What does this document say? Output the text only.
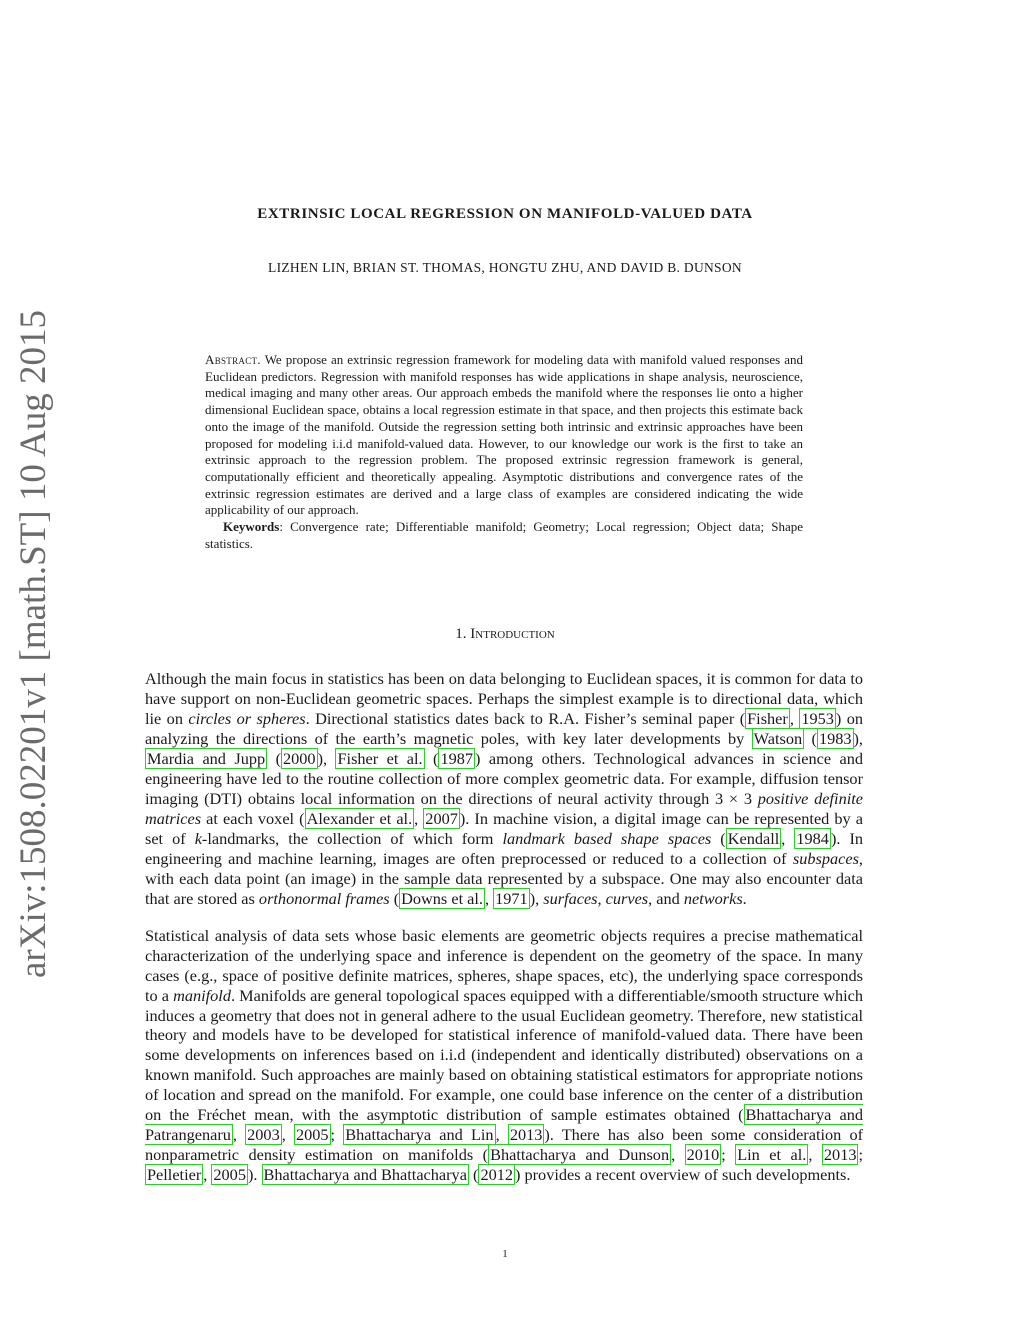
arXiv:1508.02201v1 [math.ST] 10 Aug 2015
EXTRINSIC LOCAL REGRESSION ON MANIFOLD-VALUED DATA
LIZHEN LIN, BRIAN ST. THOMAS, HONGTU ZHU, AND DAVID B. DUNSON
Abstract. We propose an extrinsic regression framework for modeling data with manifold valued responses and Euclidean predictors. Regression with manifold responses has wide applications in shape analysis, neuroscience, medical imaging and many other areas. Our approach embeds the manifold where the responses lie onto a higher dimensional Euclidean space, obtains a local regression estimate in that space, and then projects this estimate back onto the image of the manifold. Outside the regression setting both intrinsic and extrinsic approaches have been proposed for modeling i.i.d manifold-valued data. However, to our knowledge our work is the first to take an extrinsic approach to the regression problem. The proposed extrinsic regression framework is general, computationally efficient and theoretically appealing. Asymptotic distributions and convergence rates of the extrinsic regression estimates are derived and a large class of examples are considered indicating the wide applicability of our approach.
Keywords: Convergence rate; Differentiable manifold; Geometry; Local regression; Object data; Shape statistics.
1. Introduction

Although the main focus in statistics has been on data belonging to Euclidean spaces, it is common for data to have support on non-Euclidean geometric spaces. Perhaps the simplest example is to directional data, which lie on circles or spheres. Directional statistics dates back to R.A. Fisher’s seminal paper ( Fisher , 1953 ) on analyzing the directions of the earth’s magnetic poles, with key later developments by Watson ( 1983 ), Mardia and Jupp ( 2000 ), Fisher et al. ( 1987 ) among others. Technological advances in science and engineering have led to the routine collection of more complex geometric data. For example, diffusion tensor imaging (DTI) obtains local information on the directions of neural activity through 3 × 3 positive definite matrices at each voxel ( Alexander et al. , 2007 ). In machine vision, a digital image can be represented by a set of k-landmarks, the collection of which form landmark based shape spaces ( Kendall , 1984 ). In engineering and machine learning, images are often preprocessed or reduced to a collection of subspaces, with each data point (an image) in the sample data represented by a subspace. One may also encounter data that are stored as orthonormal frames ( Downs et al. , 1971 ), surfaces, curves, and networks.

Statistical analysis of data sets whose basic elements are geometric objects requires a precise mathematical characterization of the underlying space and inference is dependent on the geometry of the space. In many cases (e.g., space of positive definite matrices, spheres, shape spaces, etc), the underlying space corresponds to a manifold. Manifolds are general topological spaces equipped with a differentiable/smooth structure which induces a geometry that does not in general adhere to the usual Euclidean geometry. Therefore, new statistical theory and models have to be developed for statistical inference of manifold-valued data. There have been some developments on inferences based on i.i.d (independent and identically distributed) observations on a known manifold. Such approaches are mainly based on obtaining statistical estimators for appropriate notions of location and spread on the manifold. For example, one could base inference on the center of a distribution on the Fréchet mean, with the asymptotic distribution of sample estimates obtained ( Bhattacharya and Patrangenaru , 2003 , 2005 ; Bhattacharya and Lin , 2013 ). There has also been some consideration of nonparametric density estimation on manifolds ( Bhattacharya and Dunson , 2010 ; Lin et al. , 2013 ; Pelletier , 2005 ). Bhattacharya and Bhattacharya ( 2012 ) provides a recent overview of such developments.

1
